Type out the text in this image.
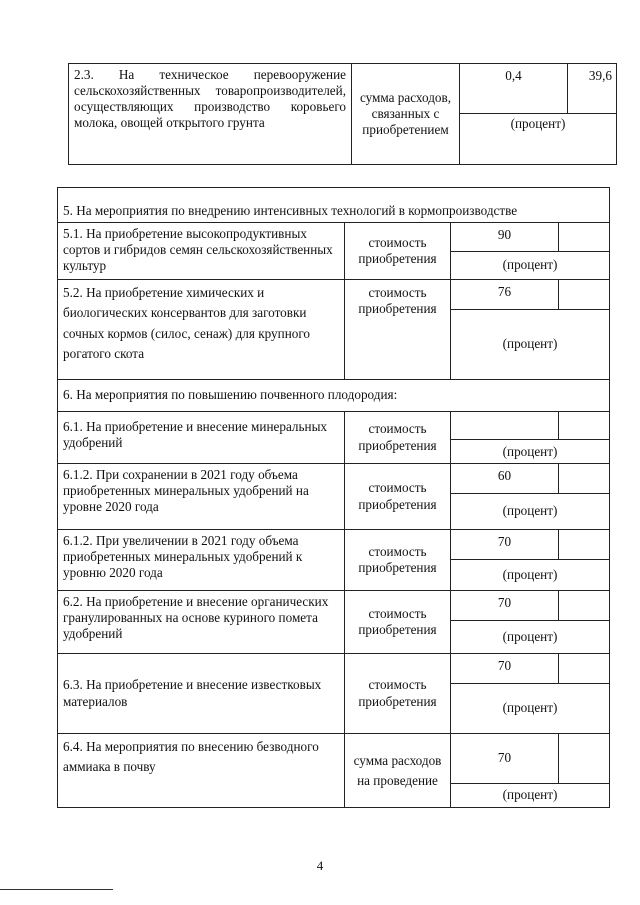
2.3. На техническое перевооружение сельскохозяйственных товаропроизводителей, осуществляющих производство коровьего молока, овощей открытого грунта	сумма расходов, связанных с приобретением	0,4	39,6
(процент)
5. На мероприятия по внедрению интенсивных технологий в кормопроизводстве			
5.1. На приобретение высокопродуктивных сортов и гибридов семян сельскохозяйственных культур	стоимость приобретения	90	
		(процент)	
5.2. На приобретение химических и биологических консервантов для заготовки сочных кормов (силос, сенаж) для крупного рогатого скота	стоимость приобретения	76	
		(процент)	
6. На мероприятия по повышению почвенного плодородия:			
6.1. На приобретение и внесение минеральных удобрений	стоимость приобретения		
		(процент)	
6.1.2. При сохранении в 2021 году объема приобретенных минеральных удобрений на уровне 2020 года	стоимость приобретения	60	
		(процент)	
6.1.2. При увеличении в 2021 году объема приобретенных минеральных удобрений к уровню 2020 года	стоимость приобретения	70	
		(процент)	
6.2. На приобретение и внесение органических гранулированных на основе куриного помета удобрений	стоимость приобретения	70	
		(процент)	
6.3. На приобретение и внесение известковых материалов	стоимость приобретения	70	
		(процент)	
6.4. На мероприятия по внесению безводного аммиака в почву	сумма расходов на проведение	70	
		(процент)	
4
